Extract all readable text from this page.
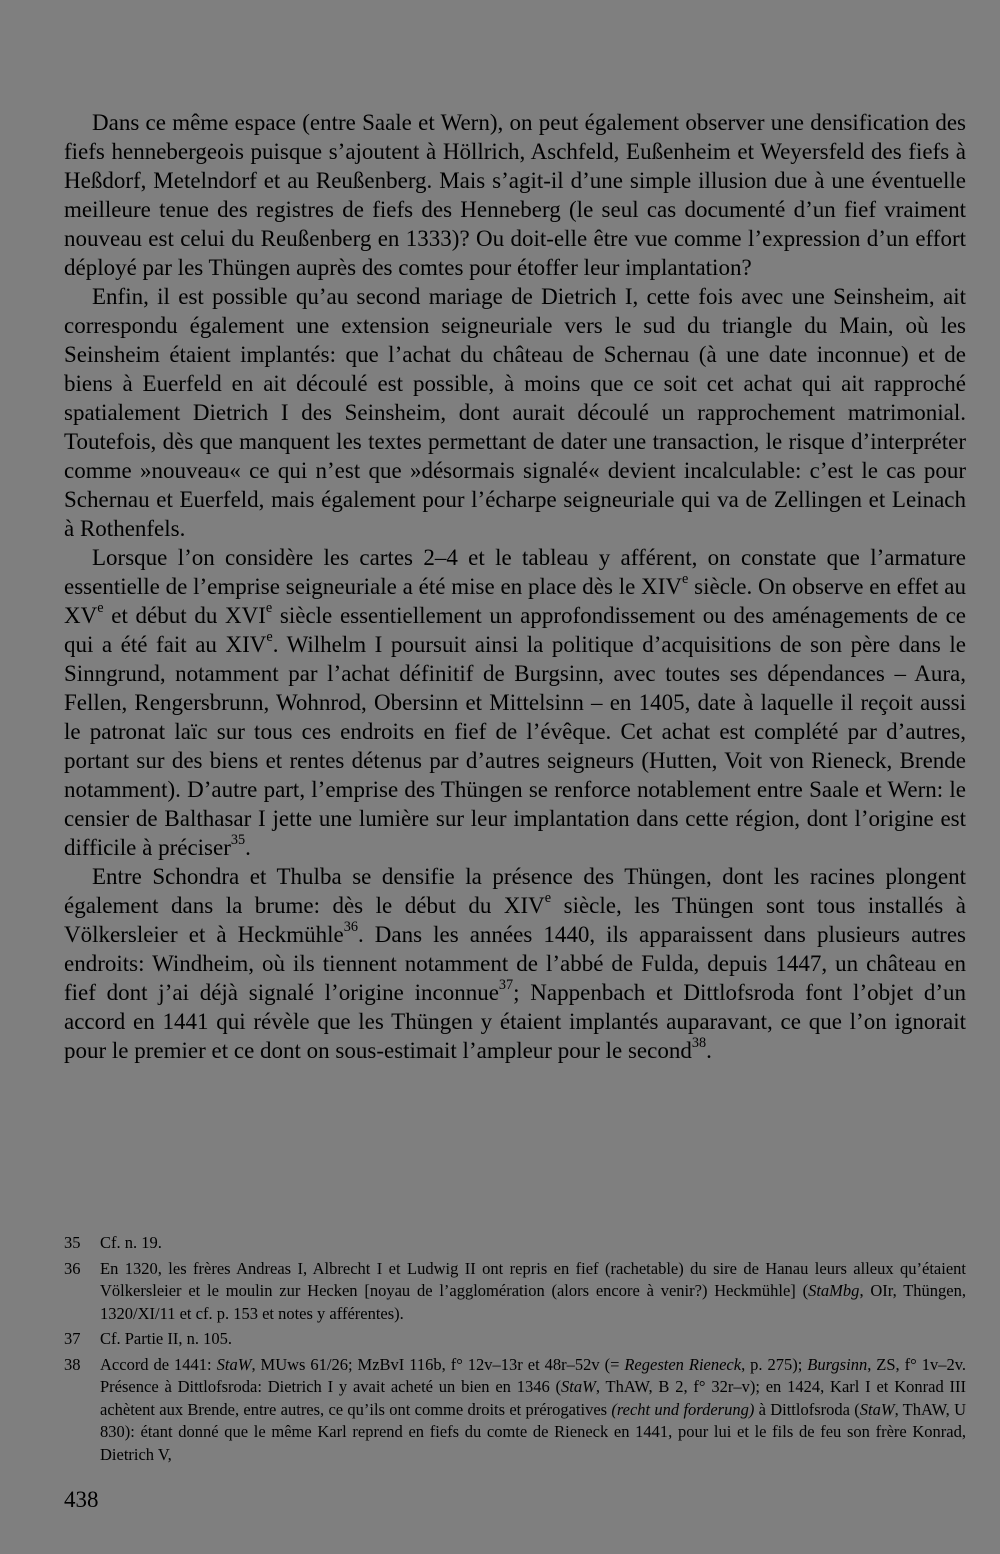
Dans ce même espace (entre Saale et Wern), on peut également observer une densification des fiefs hennebergeois puisque s’ajoutent à Höllrich, Aschfeld, Eußenheim et Weyersfeld des fiefs à Heßdorf, Metelndorf et au Reußenberg. Mais s’agit-il d’une simple illusion due à une éventuelle meilleure tenue des registres de fiefs des Henneberg (le seul cas documenté d’un fief vraiment nouveau est celui du Reußenberg en 1333)? Ou doit-elle être vue comme l’expression d’un effort déployé par les Thüngen auprès des comtes pour étoffer leur implantation?

Enfin, il est possible qu’au second mariage de Dietrich I, cette fois avec une Seinsheim, ait correspondu également une extension seigneuriale vers le sud du triangle du Main, où les Seinsheim étaient implantés: que l’achat du château de Schernau (à une date inconnue) et de biens à Euerfeld en ait découlé est possible, à moins que ce soit cet achat qui ait rapproché spatialement Dietrich I des Seinsheim, dont aurait découlé un rapprochement matrimonial. Toutefois, dès que manquent les textes permettant de dater une transaction, le risque d’interpréter comme »nouveau« ce qui n’est que »désormais signalé« devient incalculable: c’est le cas pour Schernau et Euerfeld, mais également pour l’écharpe seigneuriale qui va de Zellingen et Leinach à Rothenfels.

Lorsque l’on considère les cartes 2–4 et le tableau y afférent, on constate que l’armature essentielle de l’emprise seigneuriale a été mise en place dès le XIVe siècle. On observe en effet au XVe et début du XVIe siècle essentiellement un approfondissement ou des aménagements de ce qui a été fait au XIVe. Wilhelm I poursuit ainsi la politique d’acquisitions de son père dans le Sinngrund, notamment par l’achat définitif de Burgsinn, avec toutes ses dépendances – Aura, Fellen, Rengersbrunn, Wohnrod, Obersinn et Mittelsinn – en 1405, date à laquelle il reçoit aussi le patronat laïc sur tous ces endroits en fief de l’évêque. Cet achat est complété par d’autres, portant sur des biens et rentes détenus par d’autres seigneurs (Hutten, Voit von Rieneck, Brende notamment). D’autre part, l’emprise des Thüngen se renforce notablement entre Saale et Wern: le censier de Balthasar I jette une lumière sur leur implantation dans cette région, dont l’origine est difficile à préciser$^{35}$.

Entre Schondra et Thulba se densifie la présence des Thüngen, dont les racines plongent également dans la brume: dès le début du XIVe siècle, les Thüngen sont tous installés à Völkersleier et à Heckmühle$^{36}$. Dans les années 1440, ils apparaissent dans plusieurs autres endroits: Windheim, où ils tiennent notamment de l’abbé de Fulda, depuis 1447, un château en fief dont j’ai déjà signalé l’origine inconnue$^{37}$; Nappenbach et Dittlofsroda font l’objet d’un accord en 1441 qui révèle que les Thüngen y étaient implantés auparavant, ce que l’on ignorait pour le premier et ce dont on sous-estimait l’ampleur pour le second$^{38}$.

35	Cf. n. 19.
36	En 1320, les frères Andreas I, Albrecht I et Ludwig II ont repris en fief (rachetable) du sire de Hanau leurs alleux qu’étaient Völkersleier et le moulin zur Hecken [noyau de l’agglomération (alors encore à venir?) Heckmühle] (StaMbg, OIr, Thüngen, 1320/XI/11 et cf. p. 153 et notes y afférentes).
37	Cf. Partie II, n. 105.
38	Accord de 1441: StaW, MUws 61/26; MzBvI 116b, f° 12v–13r et 48r–52v (= Regesten Rieneck, p. 275); Burgsinn, ZS, f° 1v–2v. Présence à Dittlofsroda: Dietrich I y avait acheté un bien en 1346 (StaW, ThAW, B 2, f° 32r–v); en 1424, Karl I et Konrad III achètent aux Brende, entre autres, ce qu’ils ont comme droits et prérogatives (recht und forderung) à Dittlofsroda (StaW, ThAW, U 830): étant donné que le même Karl reprend en fiefs du comte de Rieneck en 1441, pour lui et le fils de feu son frère Konrad, Dietrich V,
438
